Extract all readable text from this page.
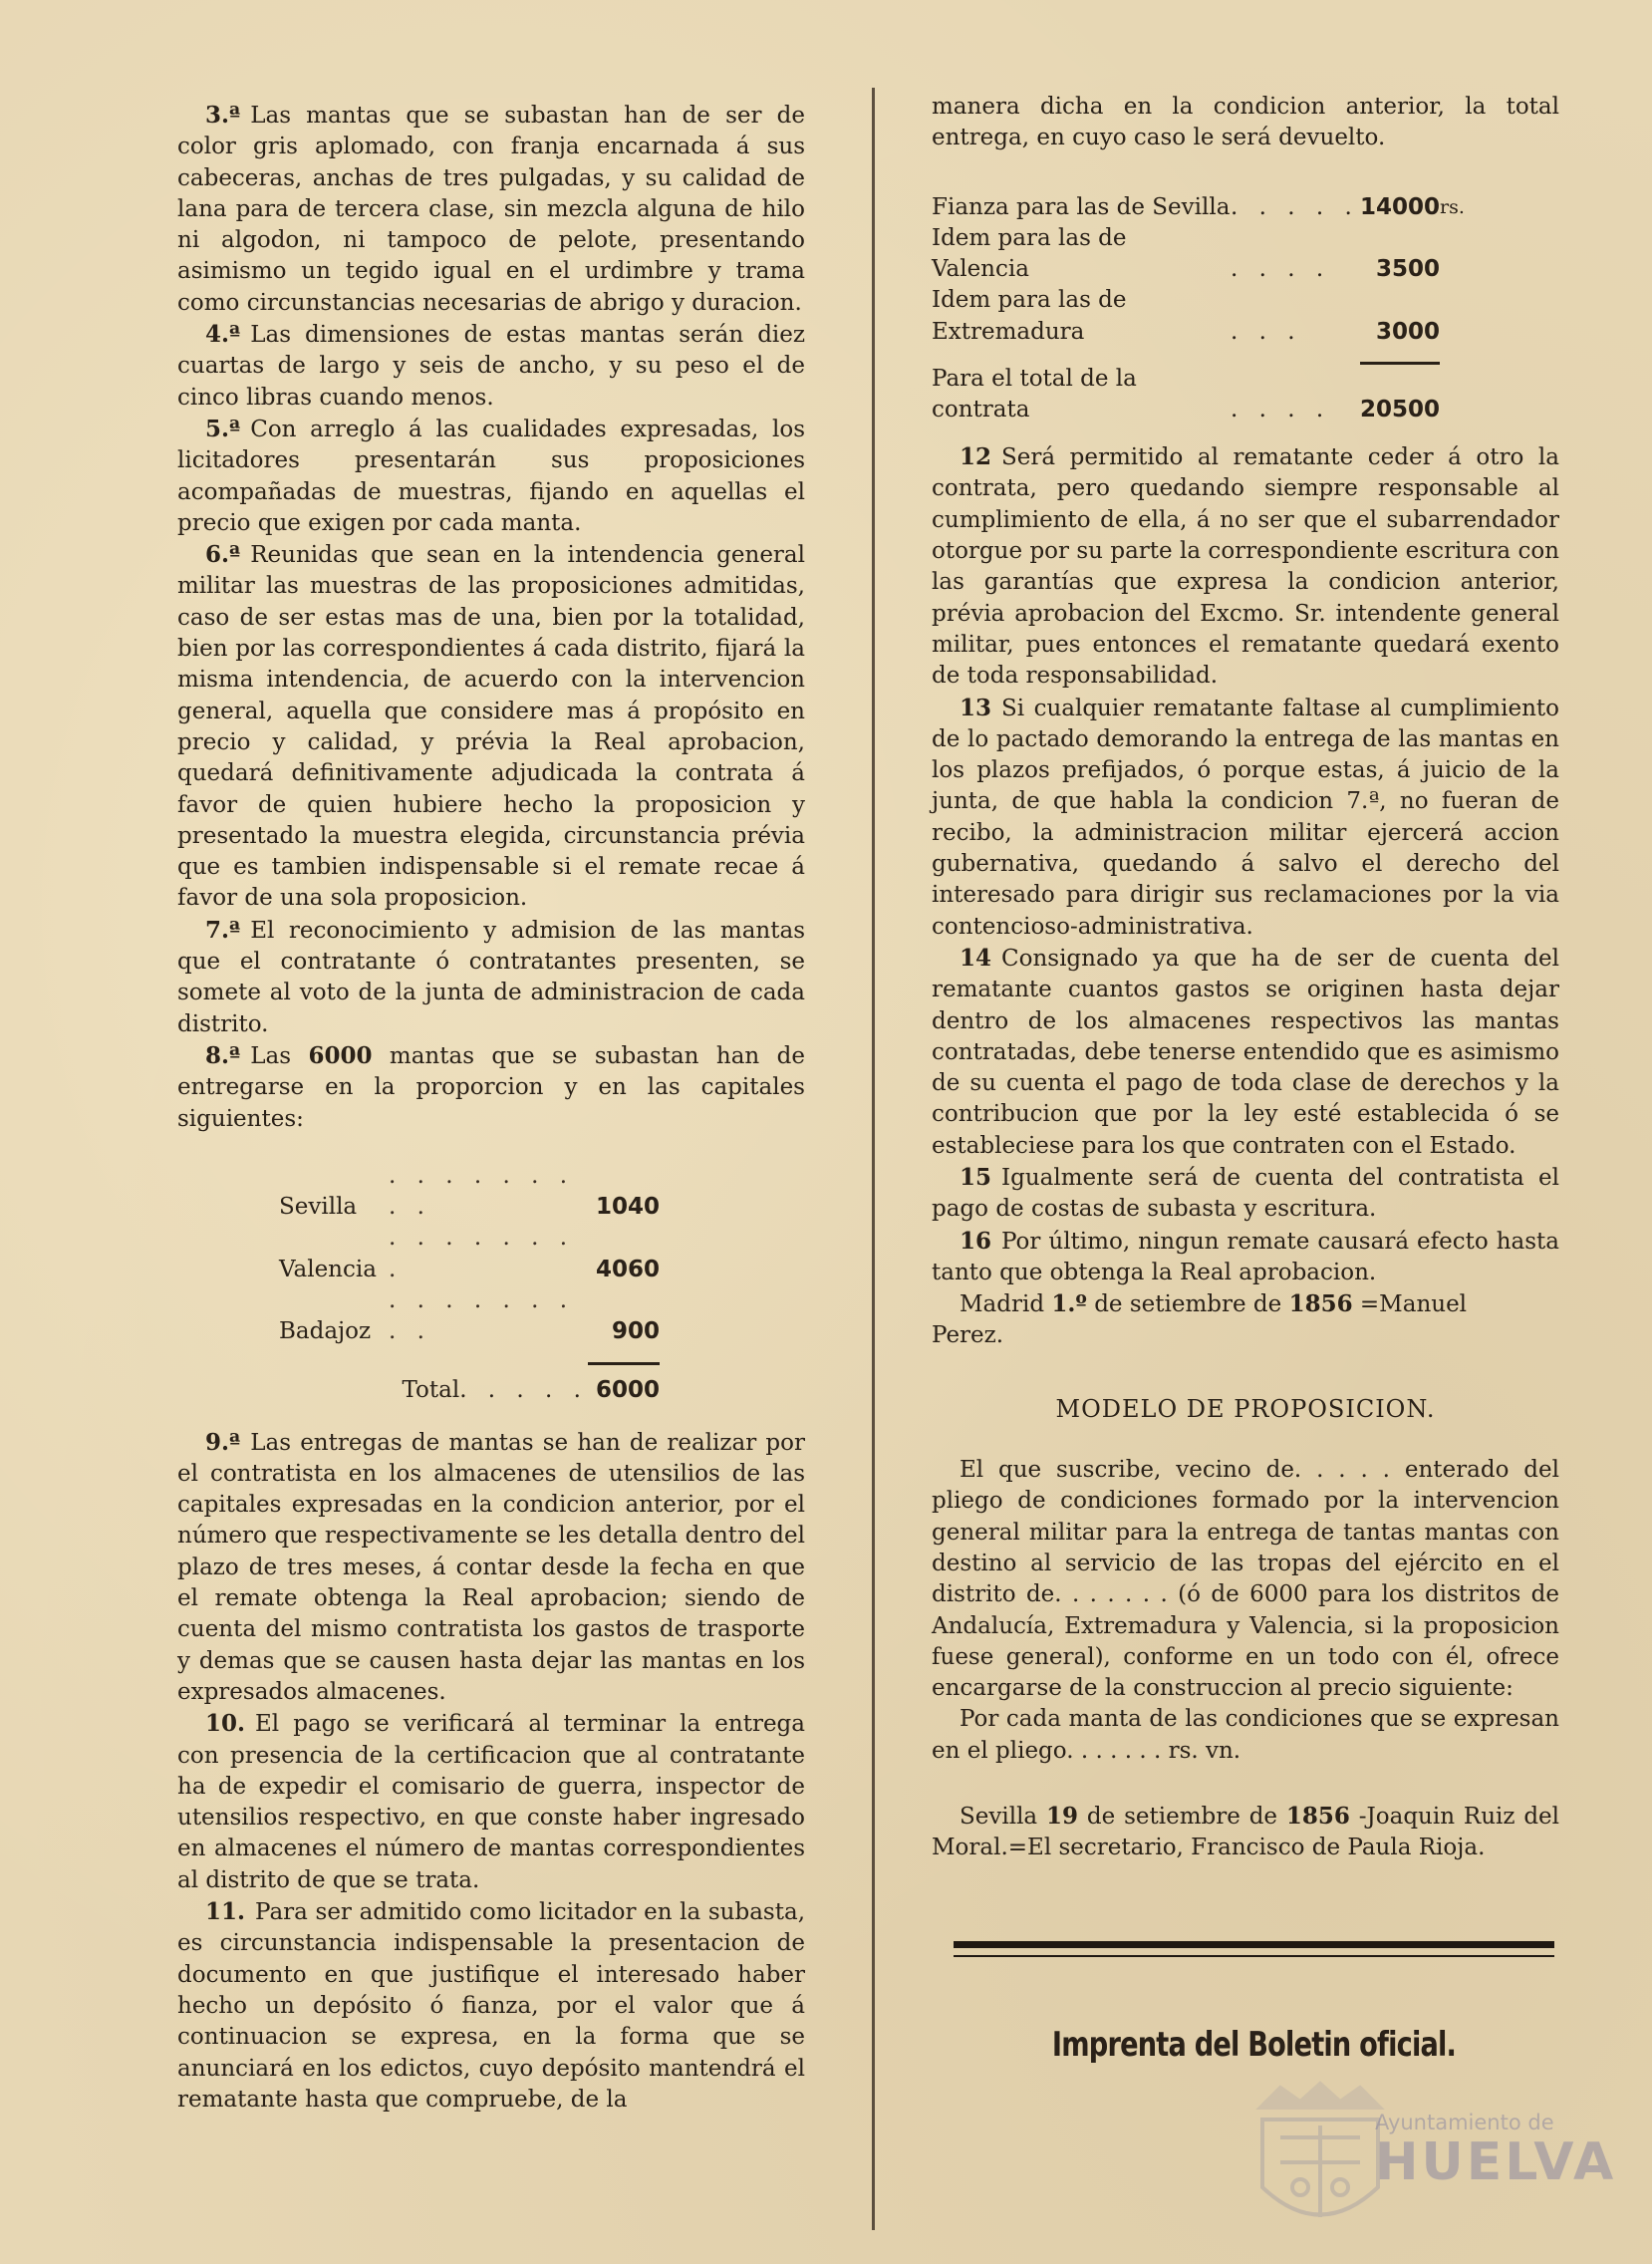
3.ª Las mantas que se subastan han de ser de color gris aplomado, con franja encarnada á sus cabeceras, anchas de tres pulgadas, y su calidad de lana para de tercera clase, sin mezcla alguna de hilo ni algodon, ni tampoco de pelote, presentando asimismo un tegido igual en el urdimbre y trama como circunstancias necesarias de abrigo y duracion.

4.ª Las dimensiones de estas mantas serán diez cuartas de largo y seis de ancho, y su peso el de cinco libras cuando menos.

5.ª Con arreglo á las cualidades expresadas, los licitadores presentarán sus proposiciones acompañadas de muestras, fijando en aquellas el precio que exigen por cada manta.

6.ª Reunidas que sean en la intendencia general militar las muestras de las proposiciones admitidas, caso de ser estas mas de una, bien por la totalidad, bien por las correspondientes á cada distrito, fijará la misma intendencia, de acuerdo con la intervencion general, aquella que considere mas á propósito en precio y calidad, y prévia la Real aprobacion, quedará definitivamente adjudicada la contrata á favor de quien hubiere hecho la proposicion y presentado la muestra elegida, circunstancia prévia que es tambien indispensable si el remate recae á favor de una sola proposicion.

7.ª El reconocimiento y admision de las mantas que el contratante ó contratantes presenten, se somete al voto de la junta de administracion de cada distrito.

8.ª Las 6000 mantas que se subastan han de entregarse en la proporcion y en las capitales siguientes:

Sevilla	. . . . . . . . .	1040
Valencia	. . . . . . . .	4060
Badajoz	. . . . . . . . .	900

Total. . . . .		6000

9.ª Las entregas de mantas se han de realizar por el contratista en los almacenes de utensilios de las capitales expresadas en la condicion anterior, por el número que respectivamente se les detalla dentro del plazo de tres meses, á contar desde la fecha en que el remate obtenga la Real aprobacion; siendo de cuenta del mismo contratista los gastos de trasporte y demas que se causen hasta dejar las mantas en los expresados almacenes.

10. El pago se verificará al terminar la entrega con presencia de la certificacion que al contratante ha de expedir el comisario de guerra, inspector de utensilios respectivo, en que conste haber ingresado en almacenes el número de mantas correspondientes al distrito de que se trata.

11. Para ser admitido como licitador en la subasta, es circunstancia indispensable la presentacion de documento en que justifique el interesado haber hecho un depósito ó fianza, por el valor que á continuacion se expresa, en la forma que se anunciará en los edictos, cuyo depósito mantendrá el rematante hasta que compruebe, de la

manera dicha en la condicion anterior, la total entrega, en cuyo caso le será devuelto.

Fianza para las de Sevilla	. . . . .	14000	rs.
Idem para las de Valencia	. . . .	3500	
Idem para las de Extremadura	. . .	3000	

Para el total de la contrata	. . . .	20500	

12 Será permitido al rematante ceder á otro la contrata, pero quedando siempre responsable al cumplimiento de ella, á no ser que el subarrendador otorgue por su parte la correspondiente escritura con las garantías que expresa la condicion anterior, prévia aprobacion del Excmo. Sr. intendente general militar, pues entonces el rematante quedará exento de toda responsabilidad.

13 Si cualquier rematante faltase al cumplimiento de lo pactado demorando la entrega de las mantas en los plazos prefijados, ó porque estas, á juicio de la junta, de que habla la condicion 7.ª, no fueran de recibo, la administracion militar ejercerá accion gubernativa, quedando á salvo el derecho del interesado para dirigir sus reclamaciones por la via contencioso-administrativa.

14 Consignado ya que ha de ser de cuenta del rematante cuantos gastos se originen hasta dejar dentro de los almacenes respectivos las mantas contratadas, debe tenerse entendido que es asimismo de su cuenta el pago de toda clase de derechos y la contribucion que por la ley esté establecida ó se estableciese para los que contraten con el Estado.

15 Igualmente será de cuenta del contratista el pago de costas de subasta y escritura.

16 Por último, ningun remate causará efecto hasta tanto que obtenga la Real aprobacion.

Madrid 1.º de setiembre de 1856 =Manuel

Perez.

MODELO DE PROPOSICION.

El que suscribe, vecino de. . . . . enterado del pliego de condiciones formado por la intervencion general militar para la entrega de tantas mantas con destino al servicio de las tropas del ejército en el distrito de. . . . . . . (ó de 6000 para los distritos de Andalucía, Extremadura y Valencia, si la proposicion fuese general), conforme en un todo con él, ofrece encargarse de la construccion al precio siguiente:

Por cada manta de las condiciones que se expresan en el pliego. . . . . . . rs. vn.

Sevilla 19 de setiembre de 1856 -Joaquin Ruiz del Moral.=El secretario, Francisco de Paula Rioja.

Imprenta del Boletin oficial.
Ayuntamiento de
HUELVA
